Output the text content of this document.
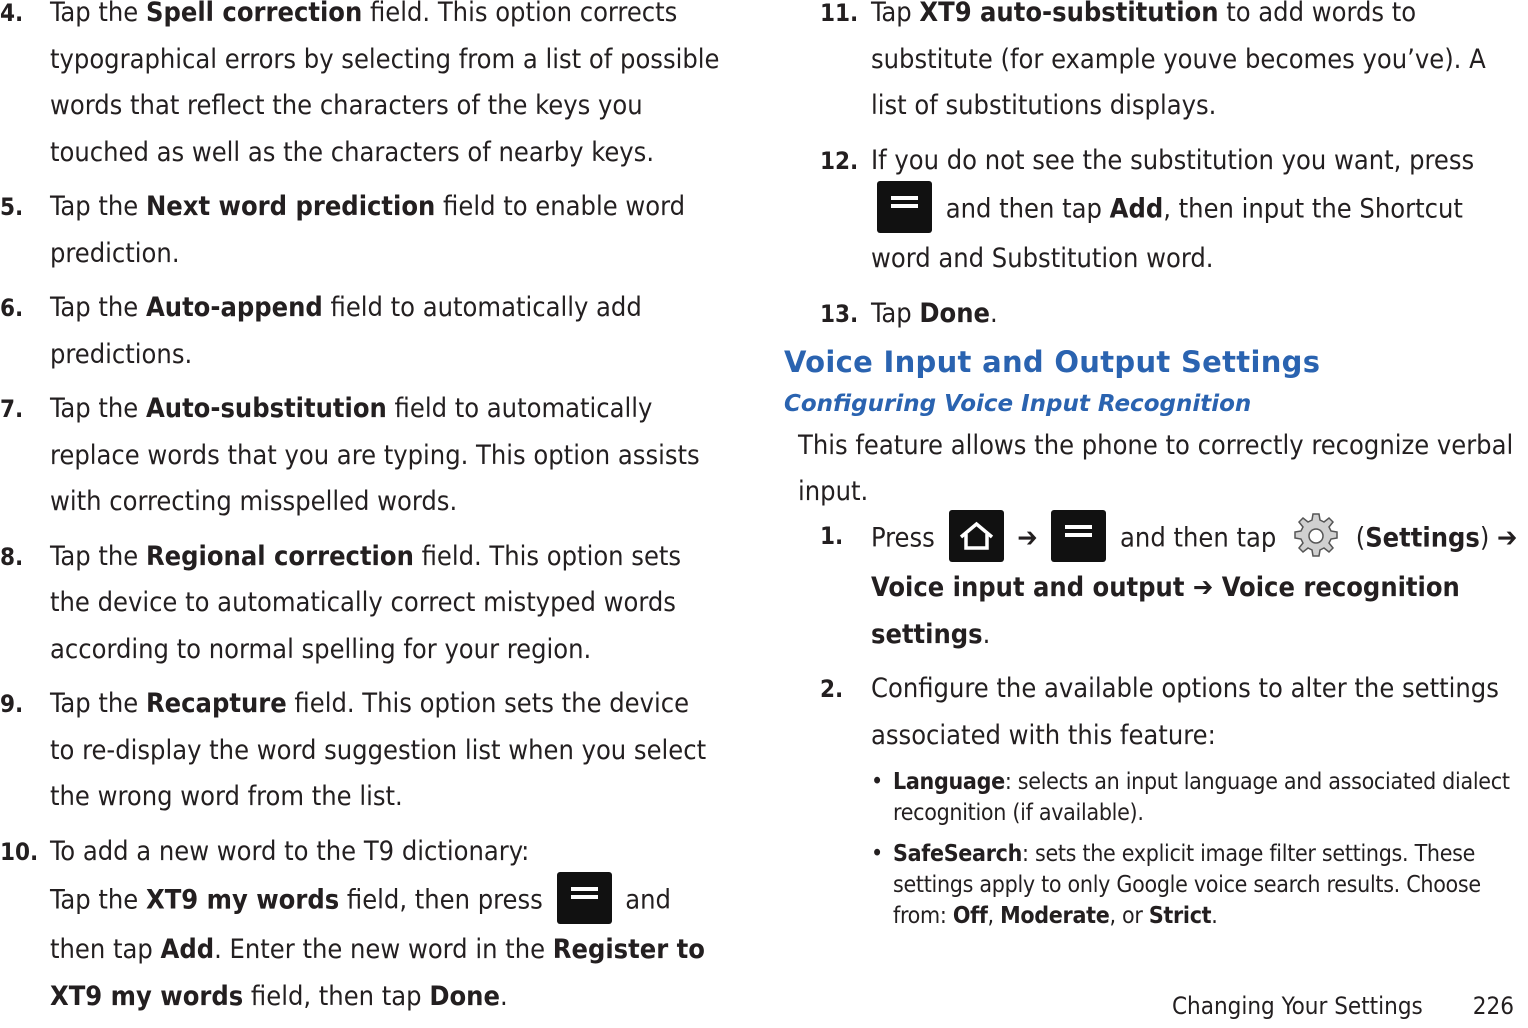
4. Tap the Spell correction field. This option corrects typographical errors by selecting from a list of possible words that reflect the characters of the keys you touched as well as the characters of nearby keys.
5. Tap the Next word prediction field to enable word prediction.
6. Tap the Auto-append field to automatically add predictions.
7. Tap the Auto-substitution field to automatically replace words that you are typing. This option assists with correcting misspelled words.
8. Tap the Regional correction field. This option sets the device to automatically correct mistyped words according to normal spelling for your region.
9. Tap the Recapture field. This option sets the device to re-display the word suggestion list when you select the wrong word from the list.
10. To add a new word to the T9 dictionary:
Tap the XT9 my words field, then press
and then tap Add. Enter the new word in the Register to XT9 my words field, then tap Done.
11. Tap XT9 auto-substitution to add words to substitute (for example youve becomes you’ve). A list of substitutions displays.
12. If you do not see the substitution you want, press
and then tap Add, then input the Shortcut word and Substitution word.
13. Tap Done.
Voice Input and Output Settings
Configuring Voice Input Recognition
This feature allows the phone to correctly recognize verbal input.
1. Press
➔
and then tap  (Settings) ➔ Voice input and output ➔ Voice recognition settings.
2. Configure the available options to alter the settings associated with this feature:
• Language: selects an input language and associated dialect recognition (if available).
• SafeSearch: sets the explicit image filter settings. These settings apply to only Google voice search results. Choose from: Off, Moderate, or Strict.
Changing Your Settings 226
